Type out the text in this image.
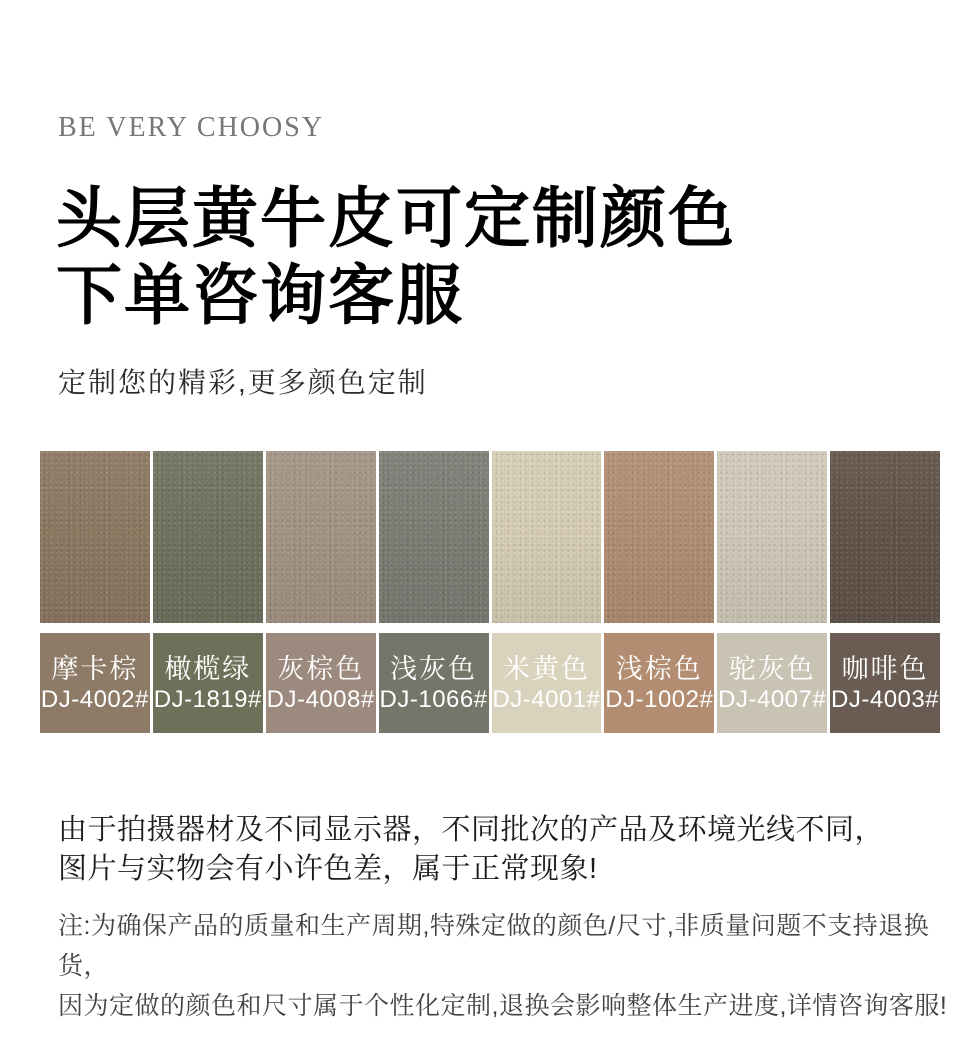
BE VERY CHOOSY
头层黄牛皮可定制颜色
下单咨询客服
定制您的精彩,更多颜色定制
摩卡棕
DJ-4002#
橄榄绿
DJ-1819#
灰棕色
DJ-4008#
浅灰色
DJ-1066#
米黄色
DJ-4001#
浅棕色
DJ-1002#
驼灰色
DJ-4007#
咖啡色
DJ-4003#
由于拍摄器材及不同显示器，不同批次的产品及环境光线不同，
图片与实物会有小许色差，属于正常现象!
注:为确保产品的质量和生产周期,特殊定做的颜色/尺寸,非质量问题不支持退换货，
因为定做的颜色和尺寸属于个性化定制,退换会影响整体生产进度,详情咨询客服!
